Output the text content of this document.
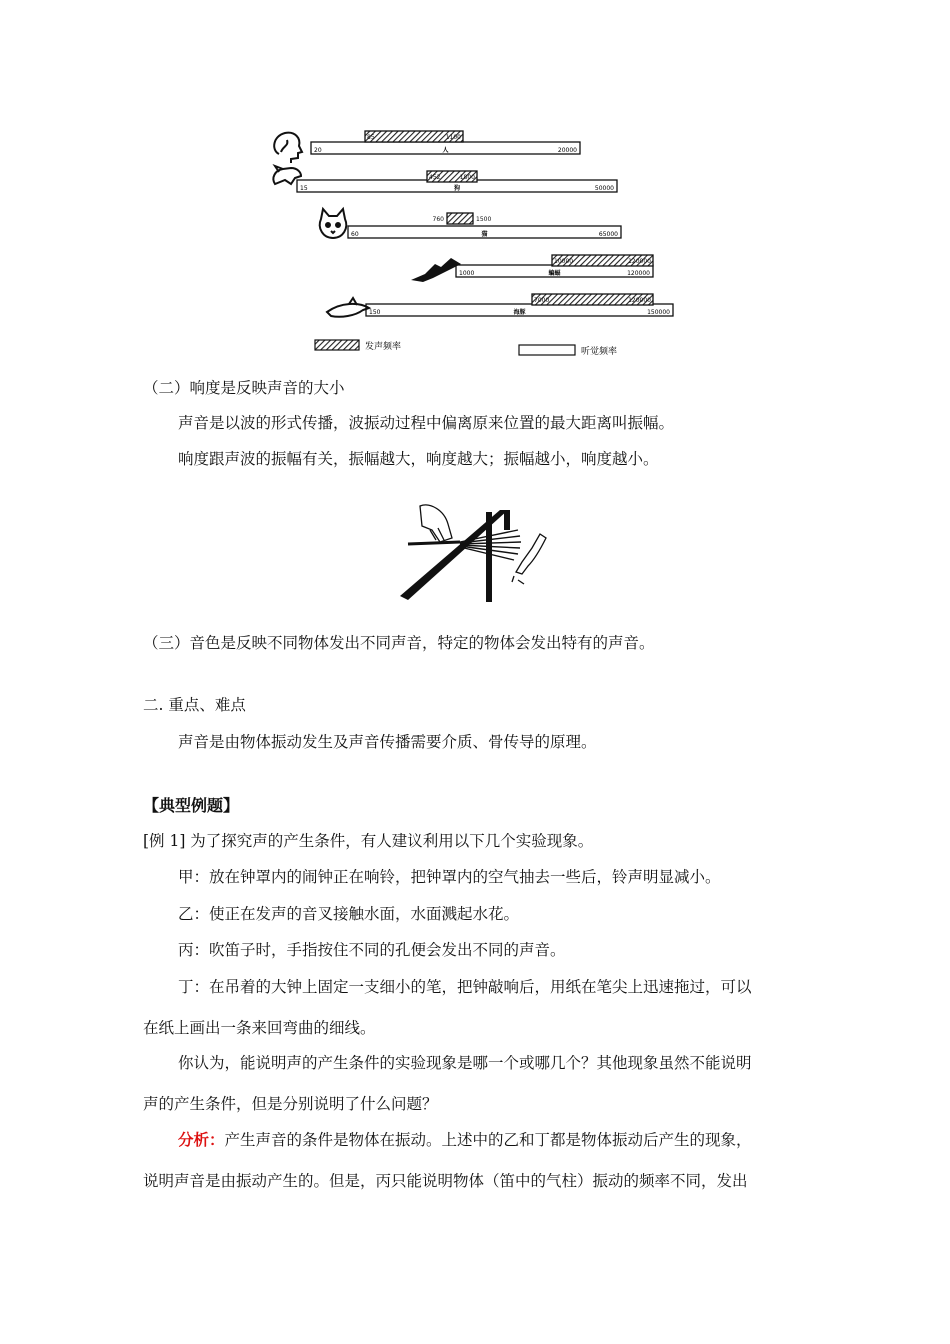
20	20000
人
85	1100
15	50000
狗
452	1800
60	65000
猫
760	1500
1000	120000
蝙蝠
10000	120000
150	150000
海豚
7000	120000
发声频率	听觉频率
（二）响度是反映声音的大小
声音是以波的形式传播，波振动过程中偏离原来位置的最大距离叫振幅。
响度跟声波的振幅有关，振幅越大，响度越大；振幅越小，响度越小。
（三）音色是反映不同物体发出不同声音，特定的物体会发出特有的声音。
二. 重点、难点
声音是由物体振动发生及声音传播需要介质、骨传导的原理。
【典型例题】
[例 1] 为了探究声的产生条件，有人建议利用以下几个实验现象。
甲：放在钟罩内的闹钟正在响铃，把钟罩内的空气抽去一些后，铃声明显减小。
乙：使正在发声的音叉接触水面，水面溅起水花。
丙：吹笛子时，手指按住不同的孔便会发出不同的声音。
丁：在吊着的大钟上固定一支细小的笔，把钟敲响后，用纸在笔尖上迅速拖过，可以
在纸上画出一条来回弯曲的细线。
你认为，能说明声的产生条件的实验现象是哪一个或哪几个？其他现象虽然不能说明
声的产生条件，但是分别说明了什么问题？
分析：产生声音的条件是物体在振动。上述中的乙和丁都是物体振动后产生的现象，
说明声音是由振动产生的。但是，丙只能说明物体（笛中的气柱）振动的频率不同，发出
